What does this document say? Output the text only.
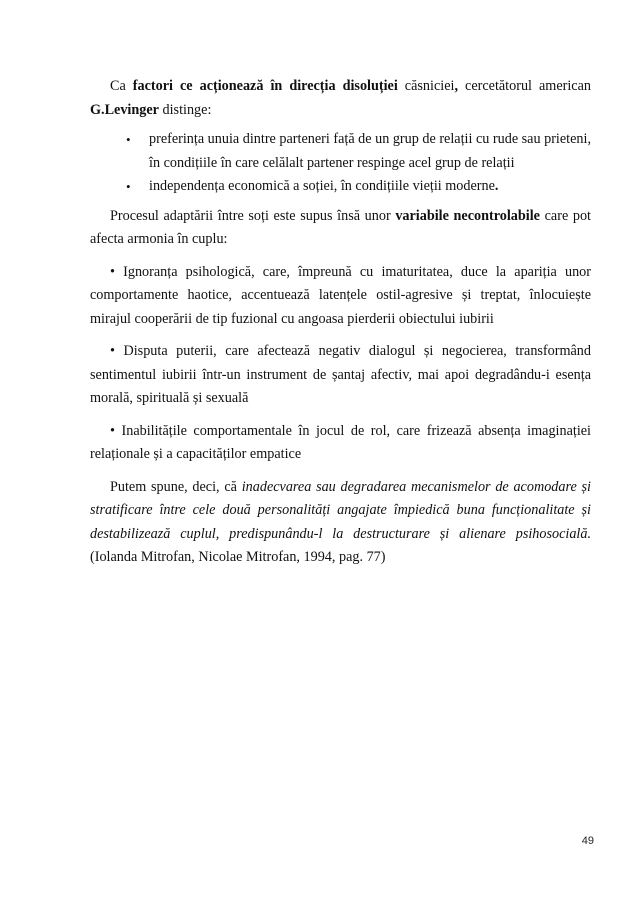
Ca factori ce acționează în direcția disoluției căsniciei, cercetătorul american G.Levinger distinge:

• preferința unuia dintre parteneri față de un grup de relații cu rude sau prieteni, în condițiile în care celălalt partener respinge acel grup de relații
• independența economică a soției, în condițiile vieții moderne.

Procesul adaptării între soți este supus însă unor variabile necontrolabile care pot afecta armonia în cuplu:

• Ignoranța psihologică, care, împreună cu imaturitatea, duce la apariția unor comportamente haotice, accentuează latențele ostil-agresive și treptat, înlocuiește mirajul cooperării de tip fuzional cu angoasa pierderii obiectului iubirii

• Disputa puterii, care afectează negativ dialogul și negocierea, transformând sentimentul iubirii într-un instrument de șantaj afectiv, mai apoi degradându-i esența morală, spirituală și sexuală

• Inabilitățile comportamentale în jocul de rol, care frizează absența imaginației relaționale și a capacităților empatice

Putem spune, deci, că inadecvarea sau degradarea mecanismelor de acomodare și stratificare între cele două personalități angajate împiedică buna funcționalitate și destabilizează cuplul, predispunându-l la destructurare și alienare psihosocială. (Iolanda Mitrofan, Nicolae Mitrofan, 1994, pag. 77)

49
